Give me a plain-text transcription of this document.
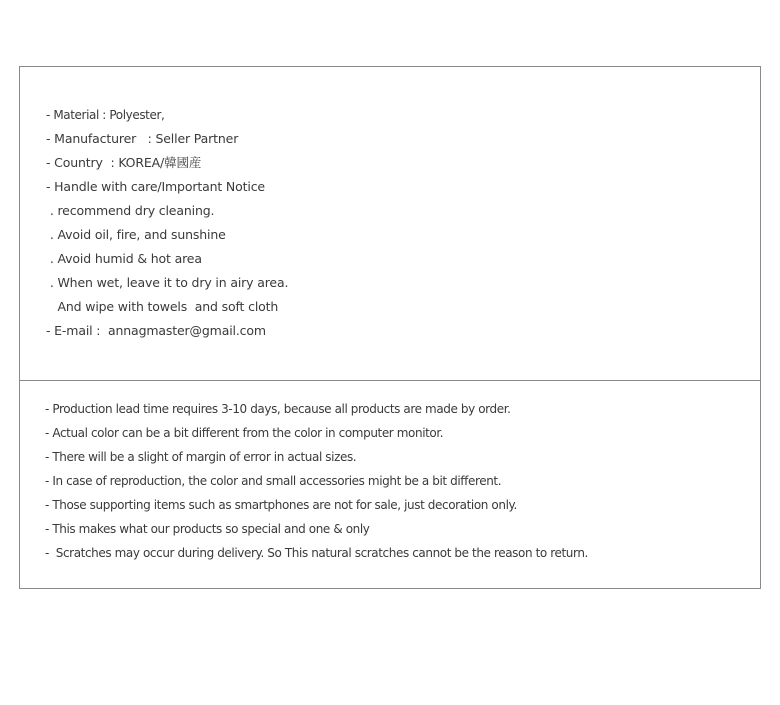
- Material : Polyester,
- Manufacturer   : Seller Partner
- Country  : KOREA/韓國産
- Handle with care/Important Notice
. recommend dry cleaning.
. Avoid oil, fire, and sunshine
. Avoid humid & hot area
. When wet, leave it to dry in airy area.
And wipe with towels  and soft cloth
- E-mail :  annagmaster@gmail.com
- Production lead time requires 3-10 days, because all products are made by order.
- Actual color can be a bit different from the color in computer monitor.
- There will be a slight of margin of error in actual sizes.
- In case of reproduction, the color and small accessories might be a bit different.
- Those supporting items such as smartphones are not for sale, just decoration only.
- This makes what our products so special and one & only
-  Scratches may occur during delivery. So This natural scratches cannot be the reason to return.
